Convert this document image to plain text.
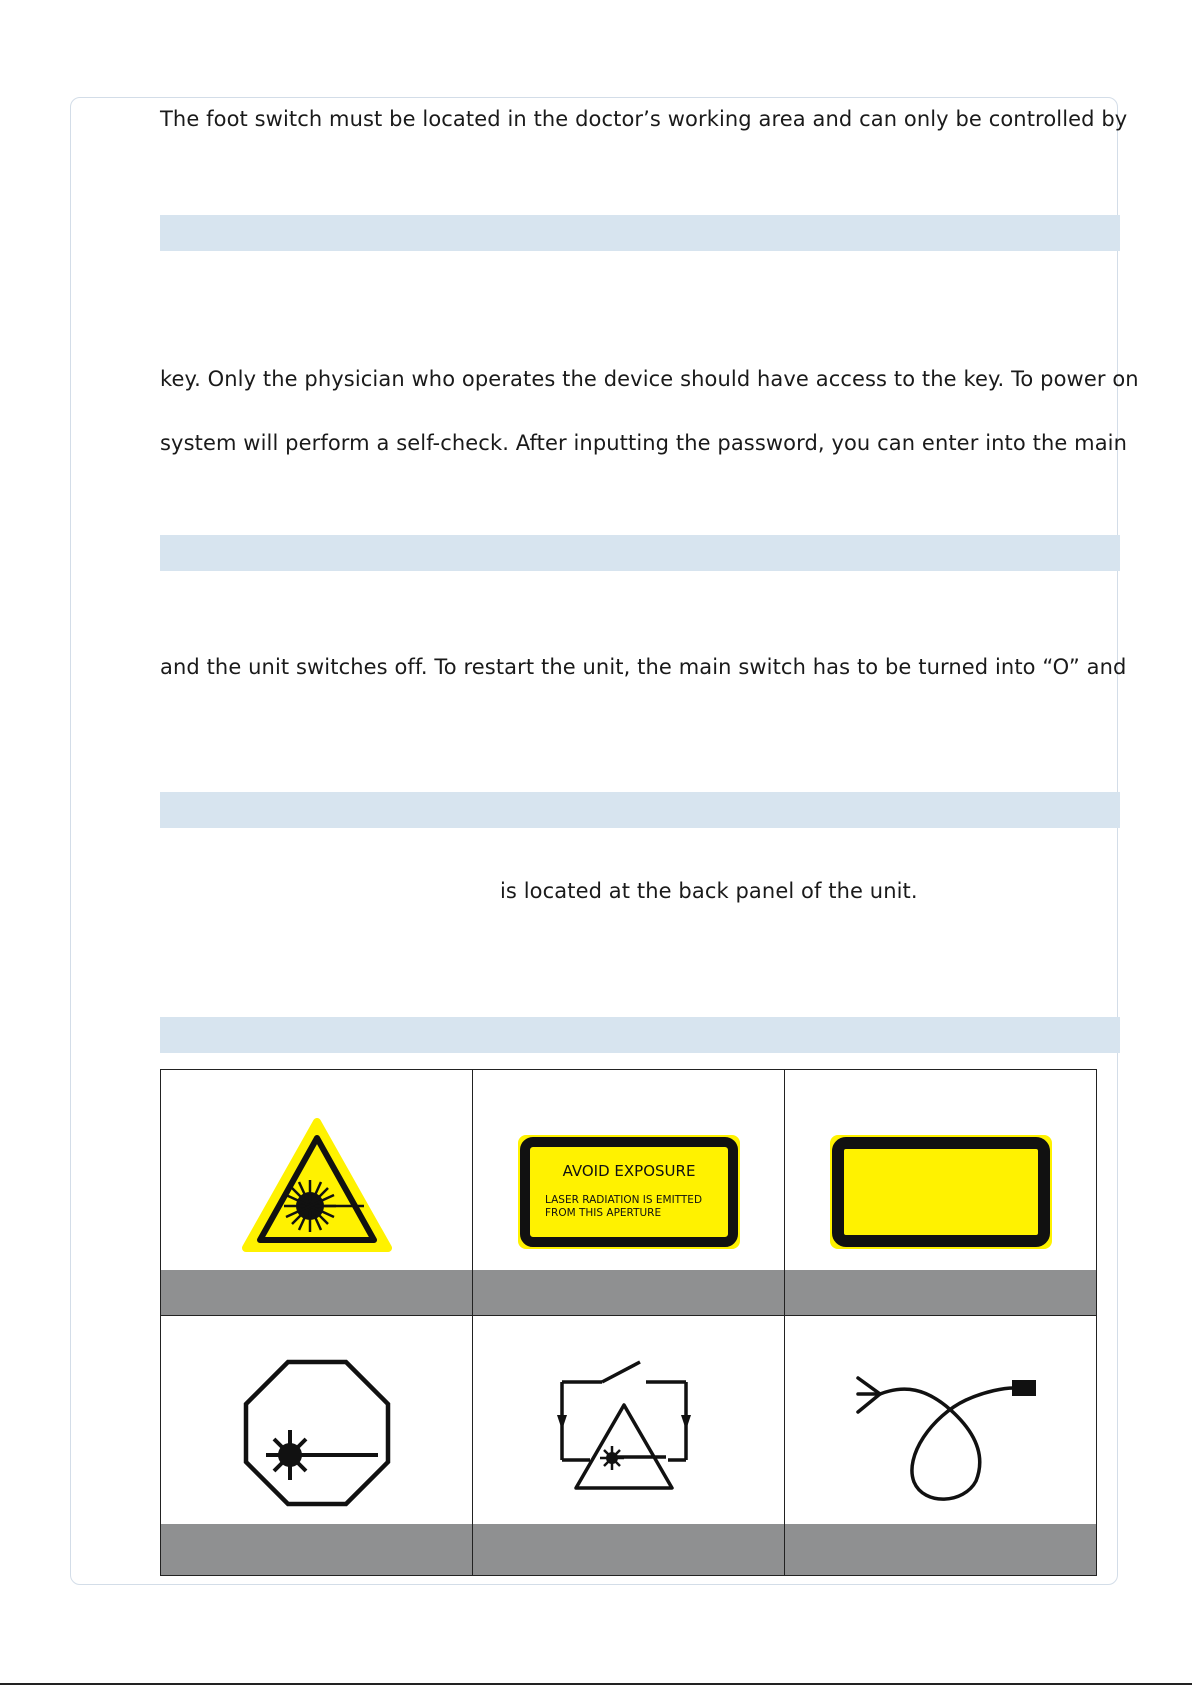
The foot switch must be located in the doctor’s working area and can only be controlled by
key. Only the physician who operates the device should have access to the key. To power on
system will perform a self-check. After inputting the password, you can enter into the main
and the unit switches off. To restart the unit, the main switch has to be turned into “O” and
is located at the back panel of the unit.

AVOID EXPOSURE
LASER RADIATION IS EMITTED
FROM THIS APERTURE
